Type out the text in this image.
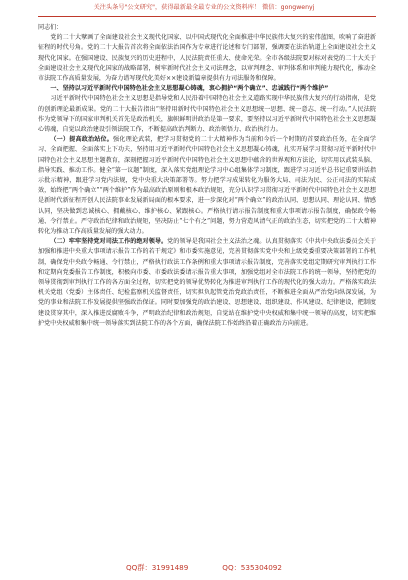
关注头条号"公文研究"，获得最新最全最专业的公文资料库！ 微信：gongwenyj

同志们：

党的二十大擘画了全面建设社会主义现代化国家、以中国式现代化全面推进中华民族伟大复兴的宏伟蓝图，吹响了奋进新征程的时代号角。党的二十大报告首次将全面依法治国作为专章进行论述和专门部署，强调要在法治轨道上全面建设社会主义现代化国家。在强国建设、民族复兴的历史进程中，人民法院责任重大、使命光荣。全市各级法院要对标对表党的二十大关于全面建设社会主义现代化国家的战略部署，树牢新时代社会主义司法理念，以审判理念、审判体系和审判能力现代化，推动全市法院工作高质量发展，为奋力谱写现代化美好××建设新篇章提供有力司法服务和保障。

一、坚持以习近平新时代中国特色社会主义思想凝心铸魂，衷心拥护“两个确立”、忠诚践行“两个维护”

习近平新时代中国特色社会主义思想是指导党和人民沿着中国特色社会主义道路实现中华民族伟大复兴的行动指南，是党的创新理论最新成果。党的二十大报告指出“坚持用新时代中国特色社会主义思想统一思想、统一意志、统一行动。”人民法院作为党领导下的国家审判机关首先是政治机关，旗帜鲜明讲政治是第一要求，要坚持以习近平新时代中国特色社会主义思想凝心铸魂，自觉以政治建设引领法院工作，不断提高政治判断力、政治领悟力、政治执行力。

（一）提高政治站位。强化理论武装，把学习贯彻党的二十大精神作为当前和今后一个时期的首要政治任务，在全面学习、全面把握、全面落实上下功夫，坚持用习近平新时代中国特色社会主义思想凝心铸魂，扎实开展学习贯彻习近平新时代中国特色社会主义思想主题教育，深刻把握习近平新时代中国特色社会主义思想中蕴含的世界观和方法论，切实用以武装头脑、指导实践、推动工作。健全“第一议题”制度，深入落实党组理论学习中心组集体学习制度，跟进学习习近平总书记重要讲话指示批示精神，跟进学习党内法规，党中央重大决策部署等。努力把学习成果转化为服务大局、司法为民、公正司法的实际成效，始终把“两个确立”“两个维护”作为最高政治原则和根本政治规矩，充分认识学习贯彻习近平新时代中国特色社会主义思想是新时代新征程开创人民法院事业发展新局面的根本要求，进一步深化对“两个确立”的政治认同、思想认同、理论认同、情感认同，坚决做到忠诚核心、拥戴核心、维护核心、紧跟核心。严格执行请示报告制度和重大事项请示报告制度，确保政令畅通、令行禁止。严守政治纪律和政治规矩，坚决防止“七个有之”问题，努力营造风清气正的政治生态，切实把党的二十大精神转化为推动工作高质量发展的强大动力。

（二）牢牢坚持党对司法工作的绝对领导。党的领导是我国社会主义法治之魂。认真贯彻落实《中共中央政法委员会关于加强和推进中央重大事项请示报告工作的若干规定》和市委实施意见，完善贯彻落实党中央和上级党委重要决策部署的工作机制，确保党中央政令畅通、令行禁止，严格执行政法工作条例和重大事项请示报告制度，完善落实党组定期研究审判执行工作和定期向党委报告工作制度，积极向市委、市委政法委请示报告重大事项，加强党组对全市法院工作的统一领导，坚持把党的领导贯彻到审判执行工作的各方面全过程，切实把党的领导优势转化为推进审判执行工作的现代化的强大动力。严格落实政法机关党组（党委）主体责任、纪检监察机关监督责任，切实担负起管党治党政治责任，不断推进全面从严治党向纵深发展，为党的事业和法院工作发展提供坚强政治保证。同时要加强党的政治建设、思想建设、组织建设、作风建设、纪律建设，把制度建设贯穿其中，深入推进反腐败斗争，严明政治纪律和政治规矩，自觉站在维护党中央权威和集中统一领导的高度，切实把维护党中央权威和集中统一领导落实到法院工作的各个方面，确保法院工作始终沿着正确政治方向前进。

QQ群：31991489	QQ：535304092
